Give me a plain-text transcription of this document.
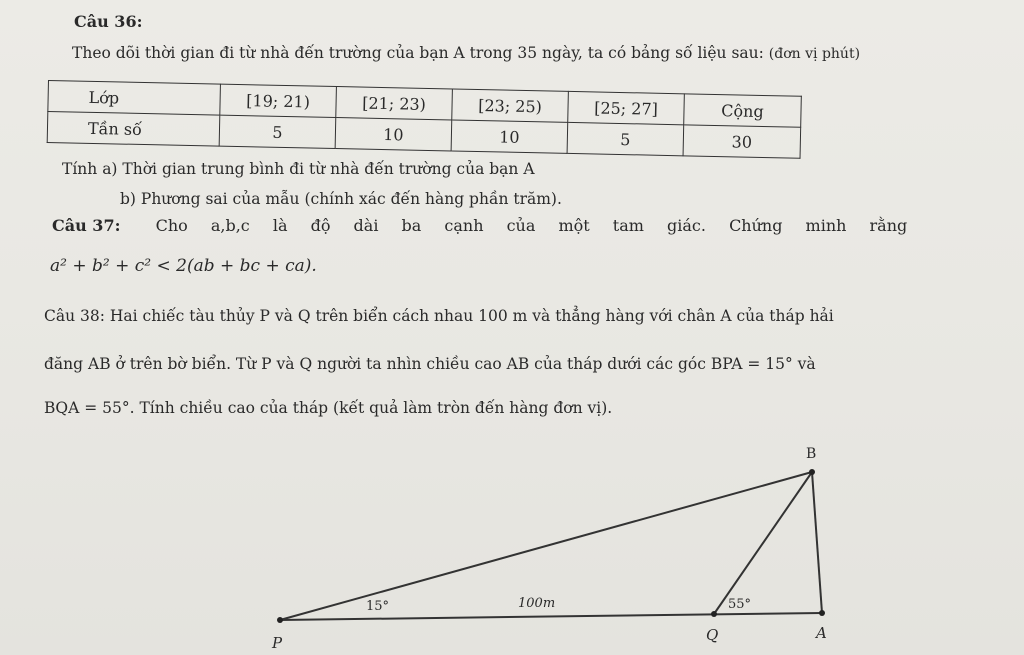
Câu 36:
Theo dõi thời gian đi từ nhà đến trường của bạn A trong 35 ngày, ta có bảng số liệu sau: (đơn vị phút)
Lớp	[19; 21)	[21; 23)	[23; 25)	[25; 27]	Cộng
Tần số	5	10	10	5	30
Tính a) Thời gian trung bình đi từ nhà đến trường của bạn A
b) Phương sai của mẫu (chính xác đến hàng phần trăm).
Câu 37: Cho a,b,c là độ dài ba cạnh của một tam giác. Chứng minh rằng
a² + b² + c² < 2(ab + bc + ca).
Câu 38: Hai chiếc tàu thủy P và Q trên biển cách nhau 100 m và thẳng hàng với chân A của tháp hải
đăng AB ở trên bờ biển. Từ P và Q người ta nhìn chiều cao AB của tháp dưới các góc BPA = 15° và
BQA = 55°. Tính chiều cao của tháp (kết quả làm tròn đến hàng đơn vị).
B
P	Q	A
15°	55°
100m
